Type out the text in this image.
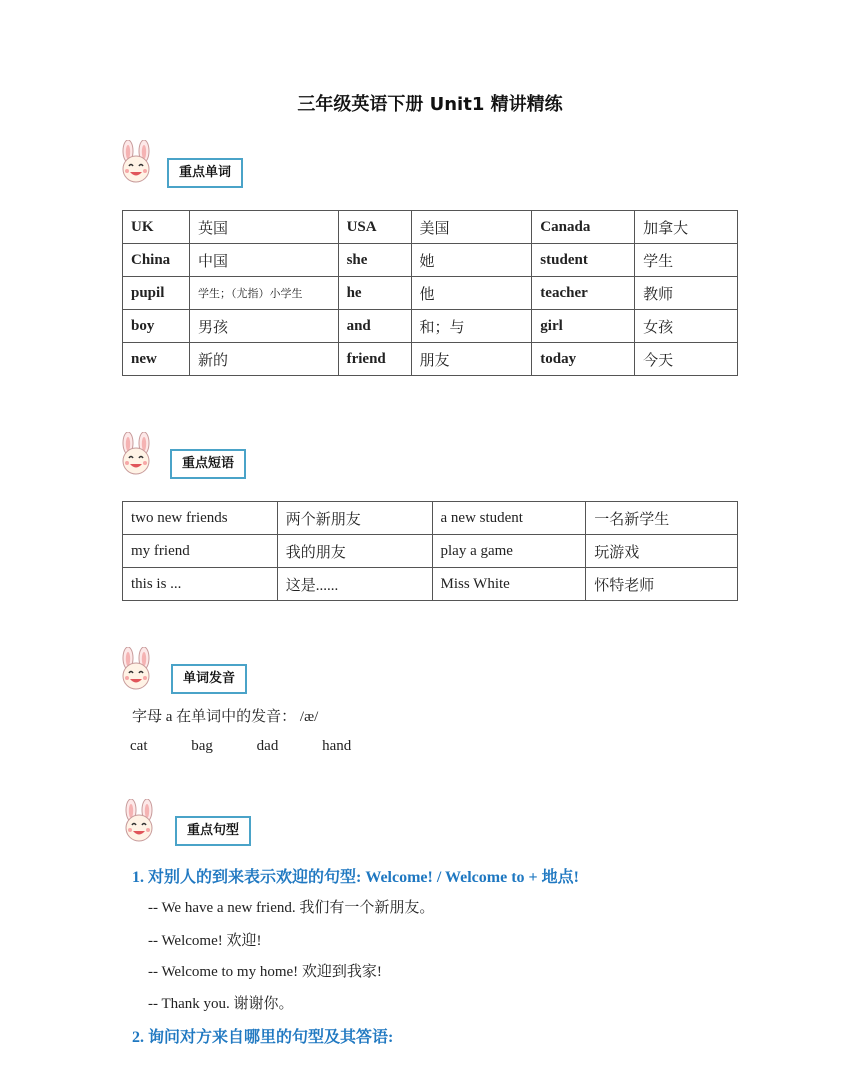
三年级英语下册 Unit1 精讲精练
重点单词
UK	英国	USA	美国	Canada	加拿大
China	中国	she	她	student	学生
pupil	学生；（尤指）小学生	he	他	teacher	教师
boy	男孩	and	和；与	girl	女孩
new	新的	friend	朋友	today	今天
重点短语
two new friends	两个新朋友	a new student	一名新学生
my friend	我的朋友	play a game	玩游戏
this is ...	这是......	Miss White	怀特老师
单词发音
字母 a 在单词中的发音： /æ/
cat	bag	dad	hand
重点句型
1. 对别人的到来表示欢迎的句型: Welcome! / Welcome to + 地点!
-- We have a new friend. 我们有一个新朋友。
-- Welcome! 欢迎!
-- Welcome to my home! 欢迎到我家!
-- Thank you. 谢谢你。
2. 询问对方来自哪里的句型及其答语:
